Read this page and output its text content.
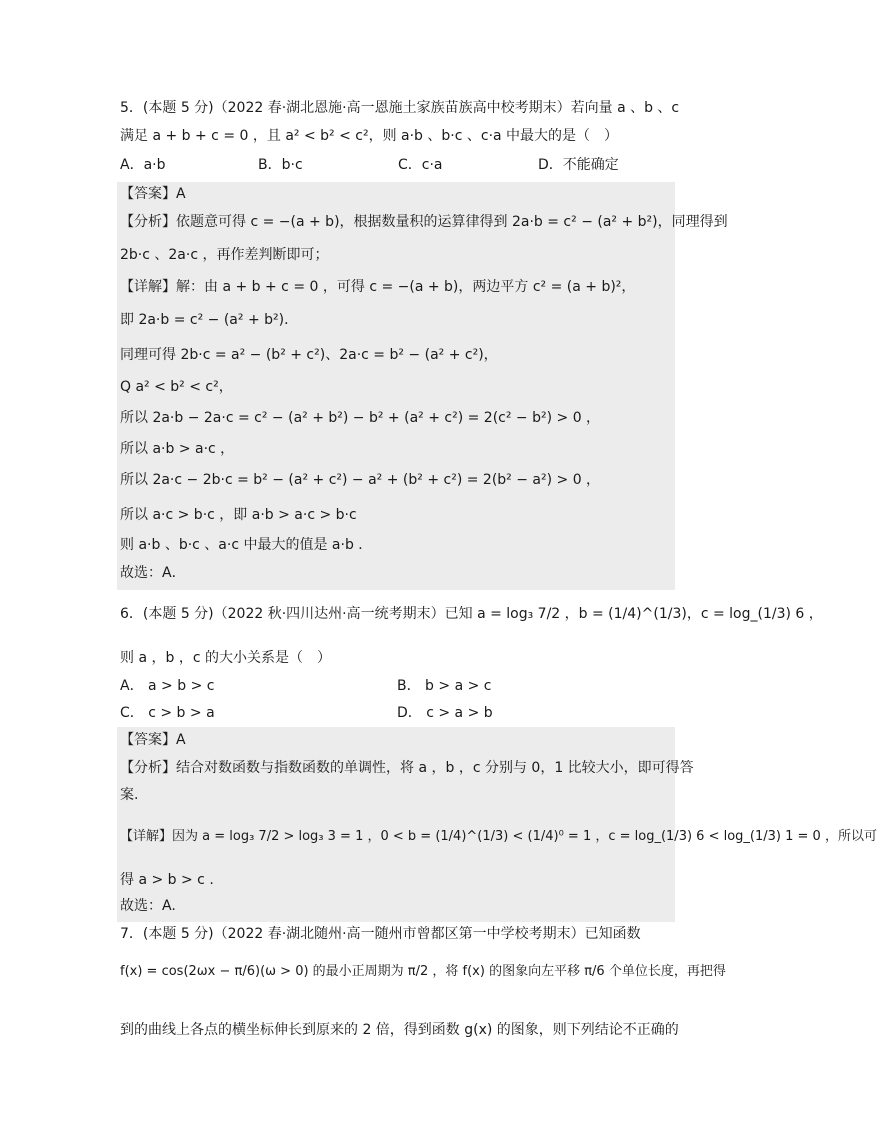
5．(本题 5 分)（2022 春·湖北恩施·高一恩施土家族苗族高中校考期末）若向量 a 、b 、c
满足 a + b + c = 0 ，且 a² < b² < c²，则 a·b 、b·c 、c·a 中最大的是（　）
A．a·b	B．b·c	C．c·a	D．不能确定
【答案】A
【分析】依题意可得 c = −(a + b)，根据数量积的运算律得到 2a·b = c² − (a² + b²)，同理得到
2b·c 、2a·c ，再作差判断即可；
【详解】解：由 a + b + c = 0 ，可得 c = −(a + b)，两边平方 c² = (a + b)²，
即 2a·b = c² − (a² + b²)．
同理可得 2b·c = a² − (b² + c²)、2a·c = b² − (a² + c²)，
Q a² < b² < c²，
所以 2a·b − 2a·c = c² − (a² + b²) − b² + (a² + c²) = 2(c² − b²) > 0 ，
所以 a·b > a·c ，
所以 2a·c − 2b·c = b² − (a² + c²) − a² + (b² + c²) = 2(b² − a²) > 0 ，
所以 a·c > b·c ，即 a·b > a·c > b·c
则 a·b 、b·c 、a·c 中最大的值是 a·b ．
故选：A．
6．(本题 5 分)（2022 秋·四川达州·高一统考期末）已知 a = log₃ 7/2 ，b = (1/4)^(1/3)，c = log_(1/3) 6 ，
则 a ，b ，c 的大小关系是（　）
A． a > b > c	B． b > a > c
C． c > b > a	D． c > a > b
【答案】A
【分析】结合对数函数与指数函数的单调性，将 a ，b ，c 分别与 0，1 比较大小，即可得答
案.
【详解】因为 a = log₃ 7/2 > log₃ 3 = 1 ，0 < b = (1/4)^(1/3) < (1/4)⁰ = 1 ，c = log_(1/3) 6 < log_(1/3) 1 = 0 ，所以可
得 a > b > c .
故选：A.
7．(本题 5 分)（2022 春·湖北随州·高一随州市曾都区第一中学校考期末）已知函数
f(x) = cos(2ωx − π/6)(ω > 0) 的最小正周期为 π/2 ，将 f(x) 的图象向左平移 π/6 个单位长度，再把得
到的曲线上各点的横坐标伸长到原来的 2 倍，得到函数 g(x) 的图象，则下列结论不正确的
